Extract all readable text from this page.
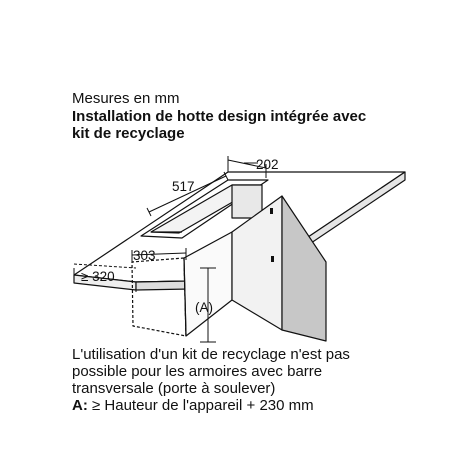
Mesures en mm

Installation de hotte design intégrée avec

kit de recyclage

202
517
303
≥ 320
(A)

L'utilisation d'un kit de recyclage n'est pas

possible pour les armoires avec barre

transversale (porte à soulever)

A: ≥ Hauteur de l'appareil + 230 mm
